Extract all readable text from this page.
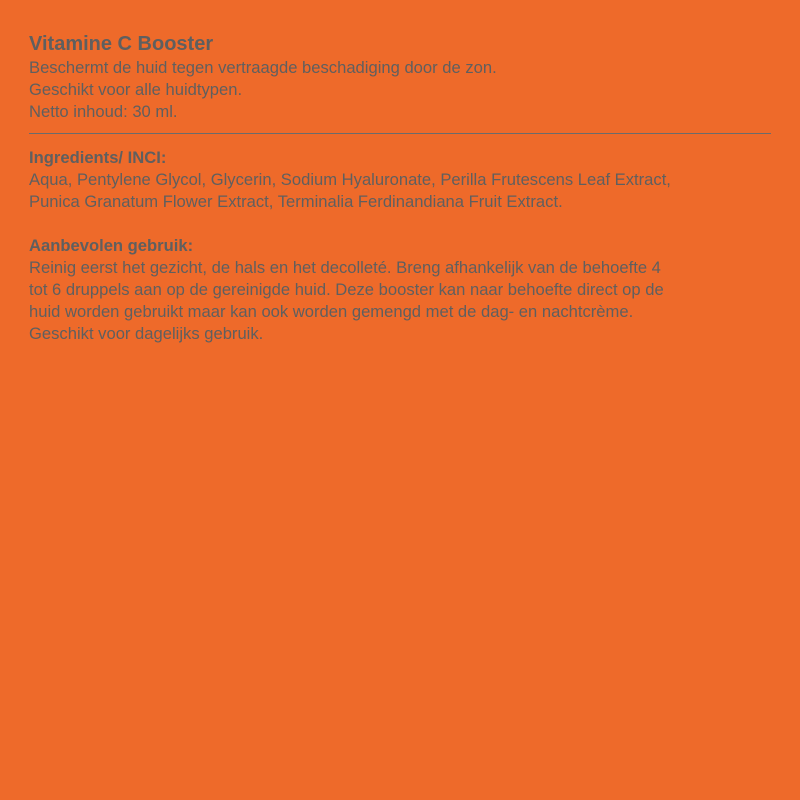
Vitamine C Booster
Beschermt de huid tegen vertraagde beschadiging door de zon.
Geschikt voor alle huidtypen.
Netto inhoud: 30 ml.
Ingredients/ INCI:
Aqua, Pentylene Glycol, Glycerin, Sodium Hyaluronate, Perilla Frutescens Leaf Extract,
Punica Granatum Flower Extract, Terminalia Ferdinandiana Fruit Extract.
Aanbevolen gebruik:
Reinig eerst het gezicht, de hals en het decolleté. Breng afhankelijk van de behoefte 4
tot 6 druppels aan op de gereinigde huid. Deze booster kan naar behoefte direct op de
huid worden gebruikt maar kan ook worden gemengd met de dag- en nachtcrème.
Geschikt voor dagelijks gebruik.
